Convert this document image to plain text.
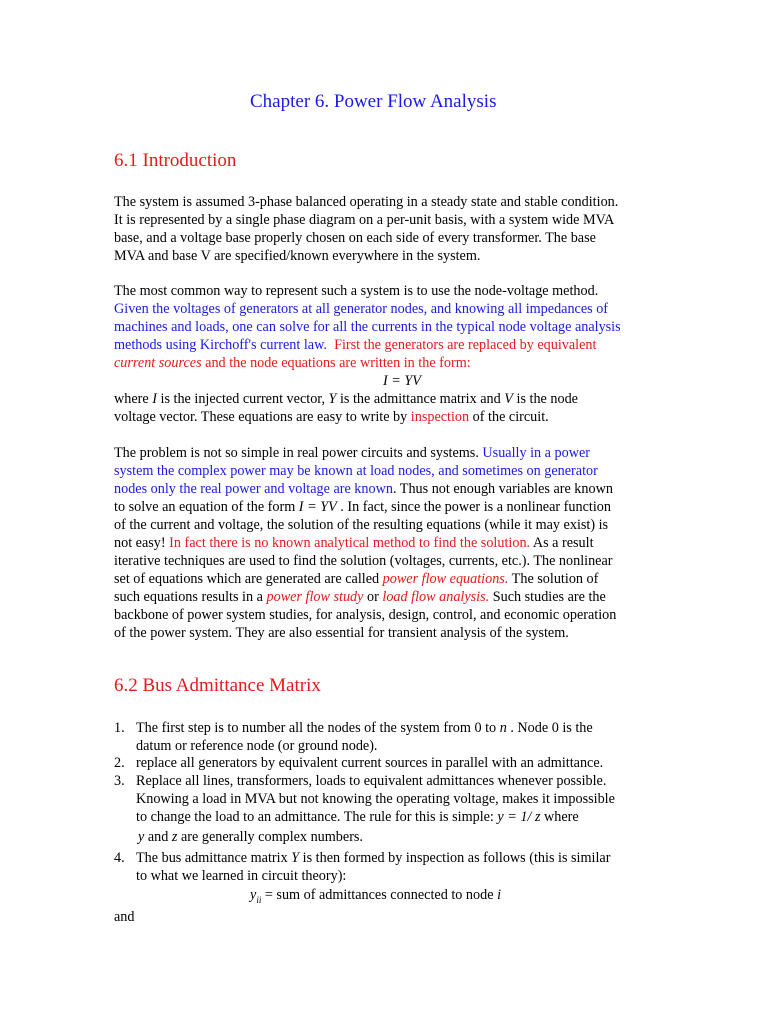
Chapter 6. Power Flow Analysis
6.1 Introduction
The system is assumed 3-phase balanced operating in a steady state and stable condition.
It is represented by a single phase diagram on a per-unit basis, with a system wide MVA
base, and a voltage base properly chosen on each side of every transformer. The base
MVA and base V are specified/known everywhere in the system.
The most common way to represent such a system is to use the node-voltage method.
Given the voltages of generators at all generator nodes, and knowing all impedances of
machines and loads, one can solve for all the currents in the typical node voltage analysis
methods using Kirchoff's current law. First the generators are replaced by equivalent
current sources and the node equations are written in the form:
I = YV
where I is the injected current vector, Y is the admittance matrix and V is the node
voltage vector. These equations are easy to write by inspection of the circuit.
The problem is not so simple in real power circuits and systems. Usually in a power
system the complex power may be known at load nodes, and sometimes on generator
nodes only the real power and voltage are known. Thus not enough variables are known
to solve an equation of the form I = YV . In fact, since the power is a nonlinear function
of the current and voltage, the solution of the resulting equations (while it may exist) is
not easy! In fact there is no known analytical method to find the solution. As a result
iterative techniques are used to find the solution (voltages, currents, etc.). The nonlinear
set of equations which are generated are called power flow equations. The solution of
such equations results in a power flow study or load flow analysis. Such studies are the
backbone of power system studies, for analysis, design, control, and economic operation
of the power system. They are also essential for transient analysis of the system.
6.2 Bus Admittance Matrix
1. The first step is to number all the nodes of the system from 0 to n . Node 0 is the
datum or reference node (or ground node).
2. replace all generators by equivalent current sources in parallel with an admittance.
3. Replace all lines, transformers, loads to equivalent admittances whenever possible.
Knowing a load in MVA but not knowing the operating voltage, makes it impossible
to change the load to an admittance. The rule for this is simple: y = 1/ z where
y and z are generally complex numbers.
4. The bus admittance matrix Y is then formed by inspection as follows (this is similar
to what we learned in circuit theory):
$y_{ii}$ = sum of admittances connected to node i
and
